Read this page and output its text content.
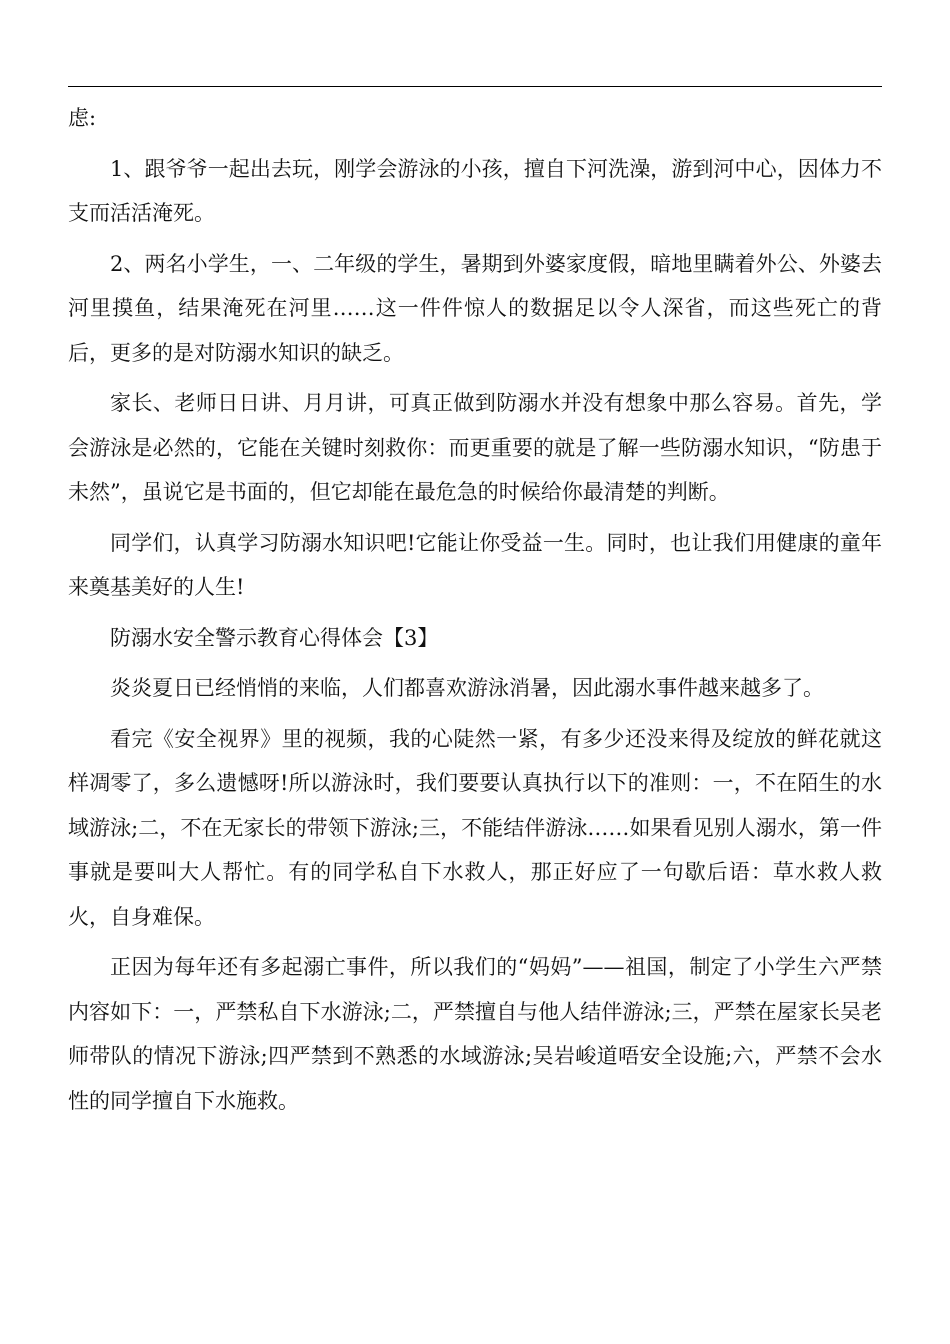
虑:

1、跟爷爷一起出去玩，刚学会游泳的小孩，擅自下河洗澡，游到河中心，因体力不支而活活淹死。

2、两名小学生，一、二年级的学生，暑期到外婆家度假，暗地里瞒着外公、外婆去河里摸鱼，结果淹死在河里……这一件件惊人的数据足以令人深省，而这些死亡的背后，更多的是对防溺水知识的缺乏。

家长、老师日日讲、月月讲，可真正做到防溺水并没有想象中那么容易。首先，学会游泳是必然的，它能在关键时刻救你：而更重要的就是了解一些防溺水知识，“防患于未然”，虽说它是书面的，但它却能在最危急的时候给你最清楚的判断。

同学们，认真学习防溺水知识吧!它能让你受益一生。同时，也让我们用健康的童年来奠基美好的人生!

防溺水安全警示教育心得体会【3】

炎炎夏日已经悄悄的来临，人们都喜欢游泳消暑，因此溺水事件越来越多了。

看完《安全视界》里的视频，我的心陡然一紧，有多少还没来得及绽放的鲜花就这样凋零了，多么遗憾呀!所以游泳时，我们要要认真执行以下的准则：一，不在陌生的水域游泳;二，不在无家长的带领下游泳;三，不能结伴游泳……如果看见别人溺水，第一件事就是要叫大人帮忙。有的同学私自下水救人，那正好应了一句歇后语：草水救人救火，自身难保。

正因为每年还有多起溺亡事件，所以我们的“妈妈”——祖国，制定了小学生六严禁内容如下：一，严禁私自下水游泳;二，严禁擅自与他人结伴游泳;三，严禁在屋家长吴老师带队的情况下游泳;四严禁到不熟悉的水域游泳;吴岩峻道唔安全设施;六，严禁不会水性的同学擅自下水施救。
